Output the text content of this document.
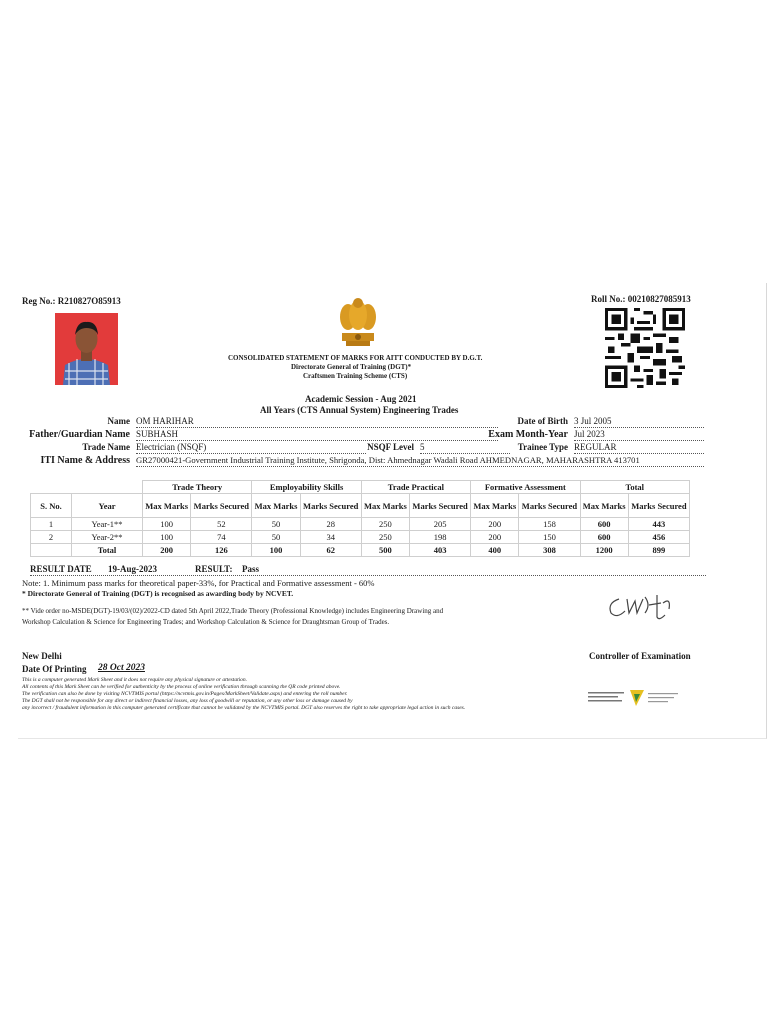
Reg No.: R210827O85913	Roll No.: 00210827085913
CONSOLIDATED STATEMENT OF MARKS FOR AITT CONDUCTED BY D.G.T.
Directorate General of Training (DGT)*
Craftsmen Training Scheme (CTS)
Academic Session - Aug 2021
All Years (CTS Annual System) Engineering Trades
Name OM HARIHAR	Date of Birth 3 Jul 2005
Father/Guardian Name SUBHASH	Exam Month-Year Jul 2023
Trade Name Electrician (NSQF)	NSQF Level 5	Trainee Type REGULAR
ITI Name & Address GR27000421-Government Industrial Training Institute, Shrigonda, Dist: Ahmednagar Wadali Road AHMEDNAGAR, MAHARASHTRA 413701
		Trade Theory		Employability Skills		Trade Practical		Formative Assessment		Total	
S. No.	Year	Max Marks	Marks Secured	Max Marks	Marks Secured	Max Marks	Marks Secured	Max Marks	Marks Secured	Max Marks	Marks Secured
1	Year-1**	100	52	50	28	250	205	200	158	600	443
2	Year-2**	100	74	50	34	250	198	200	150	600	456
	Total	200	126	100	62	500	403	400	308	1200	899
RESULT DATE 19-Aug-2023	RESULT: Pass
Note: 1. Minimum pass marks for theoretical paper-33%, for Practical and Formative assessment - 60%
* Directorate General of Training (DGT) is recognised as awarding body by NCVET.
** Vide order no-MSDE(DGT)-19/03/(02)/2022-CD dated 5th April 2022,Trade Theory (Professional Knowledge) includes Engineering Drawing and
Workshop Calculation & Science for Engineering Trades; and Workshop Calculation & Science for Draughtsman Group of Trades.
New Delhi	Controller of Examination
Date Of Printing 28 Oct 2023
This is a computer generated Mark Sheet and it does not require any physical signature or attestation.
All contents of this Mark Sheet can be verified for authenticity by the process of online verification through scanning the QR code printed above.
The verification can also be done by visiting NCVTMIS portal (https://ncvtmis.gov.in/Pages/MarkSheet/Validate.aspx) and entering the roll number.
The DGT shall not be responsible for any direct or indirect financial losses, any loss of goodwill or reputation, or any other loss or damage caused by
any incorrect / fraudulent information in this computer generated certificate that cannot be validated by the NCVTMIS portal. DGT also reserves the right to take appropriate legal action in such cases.
